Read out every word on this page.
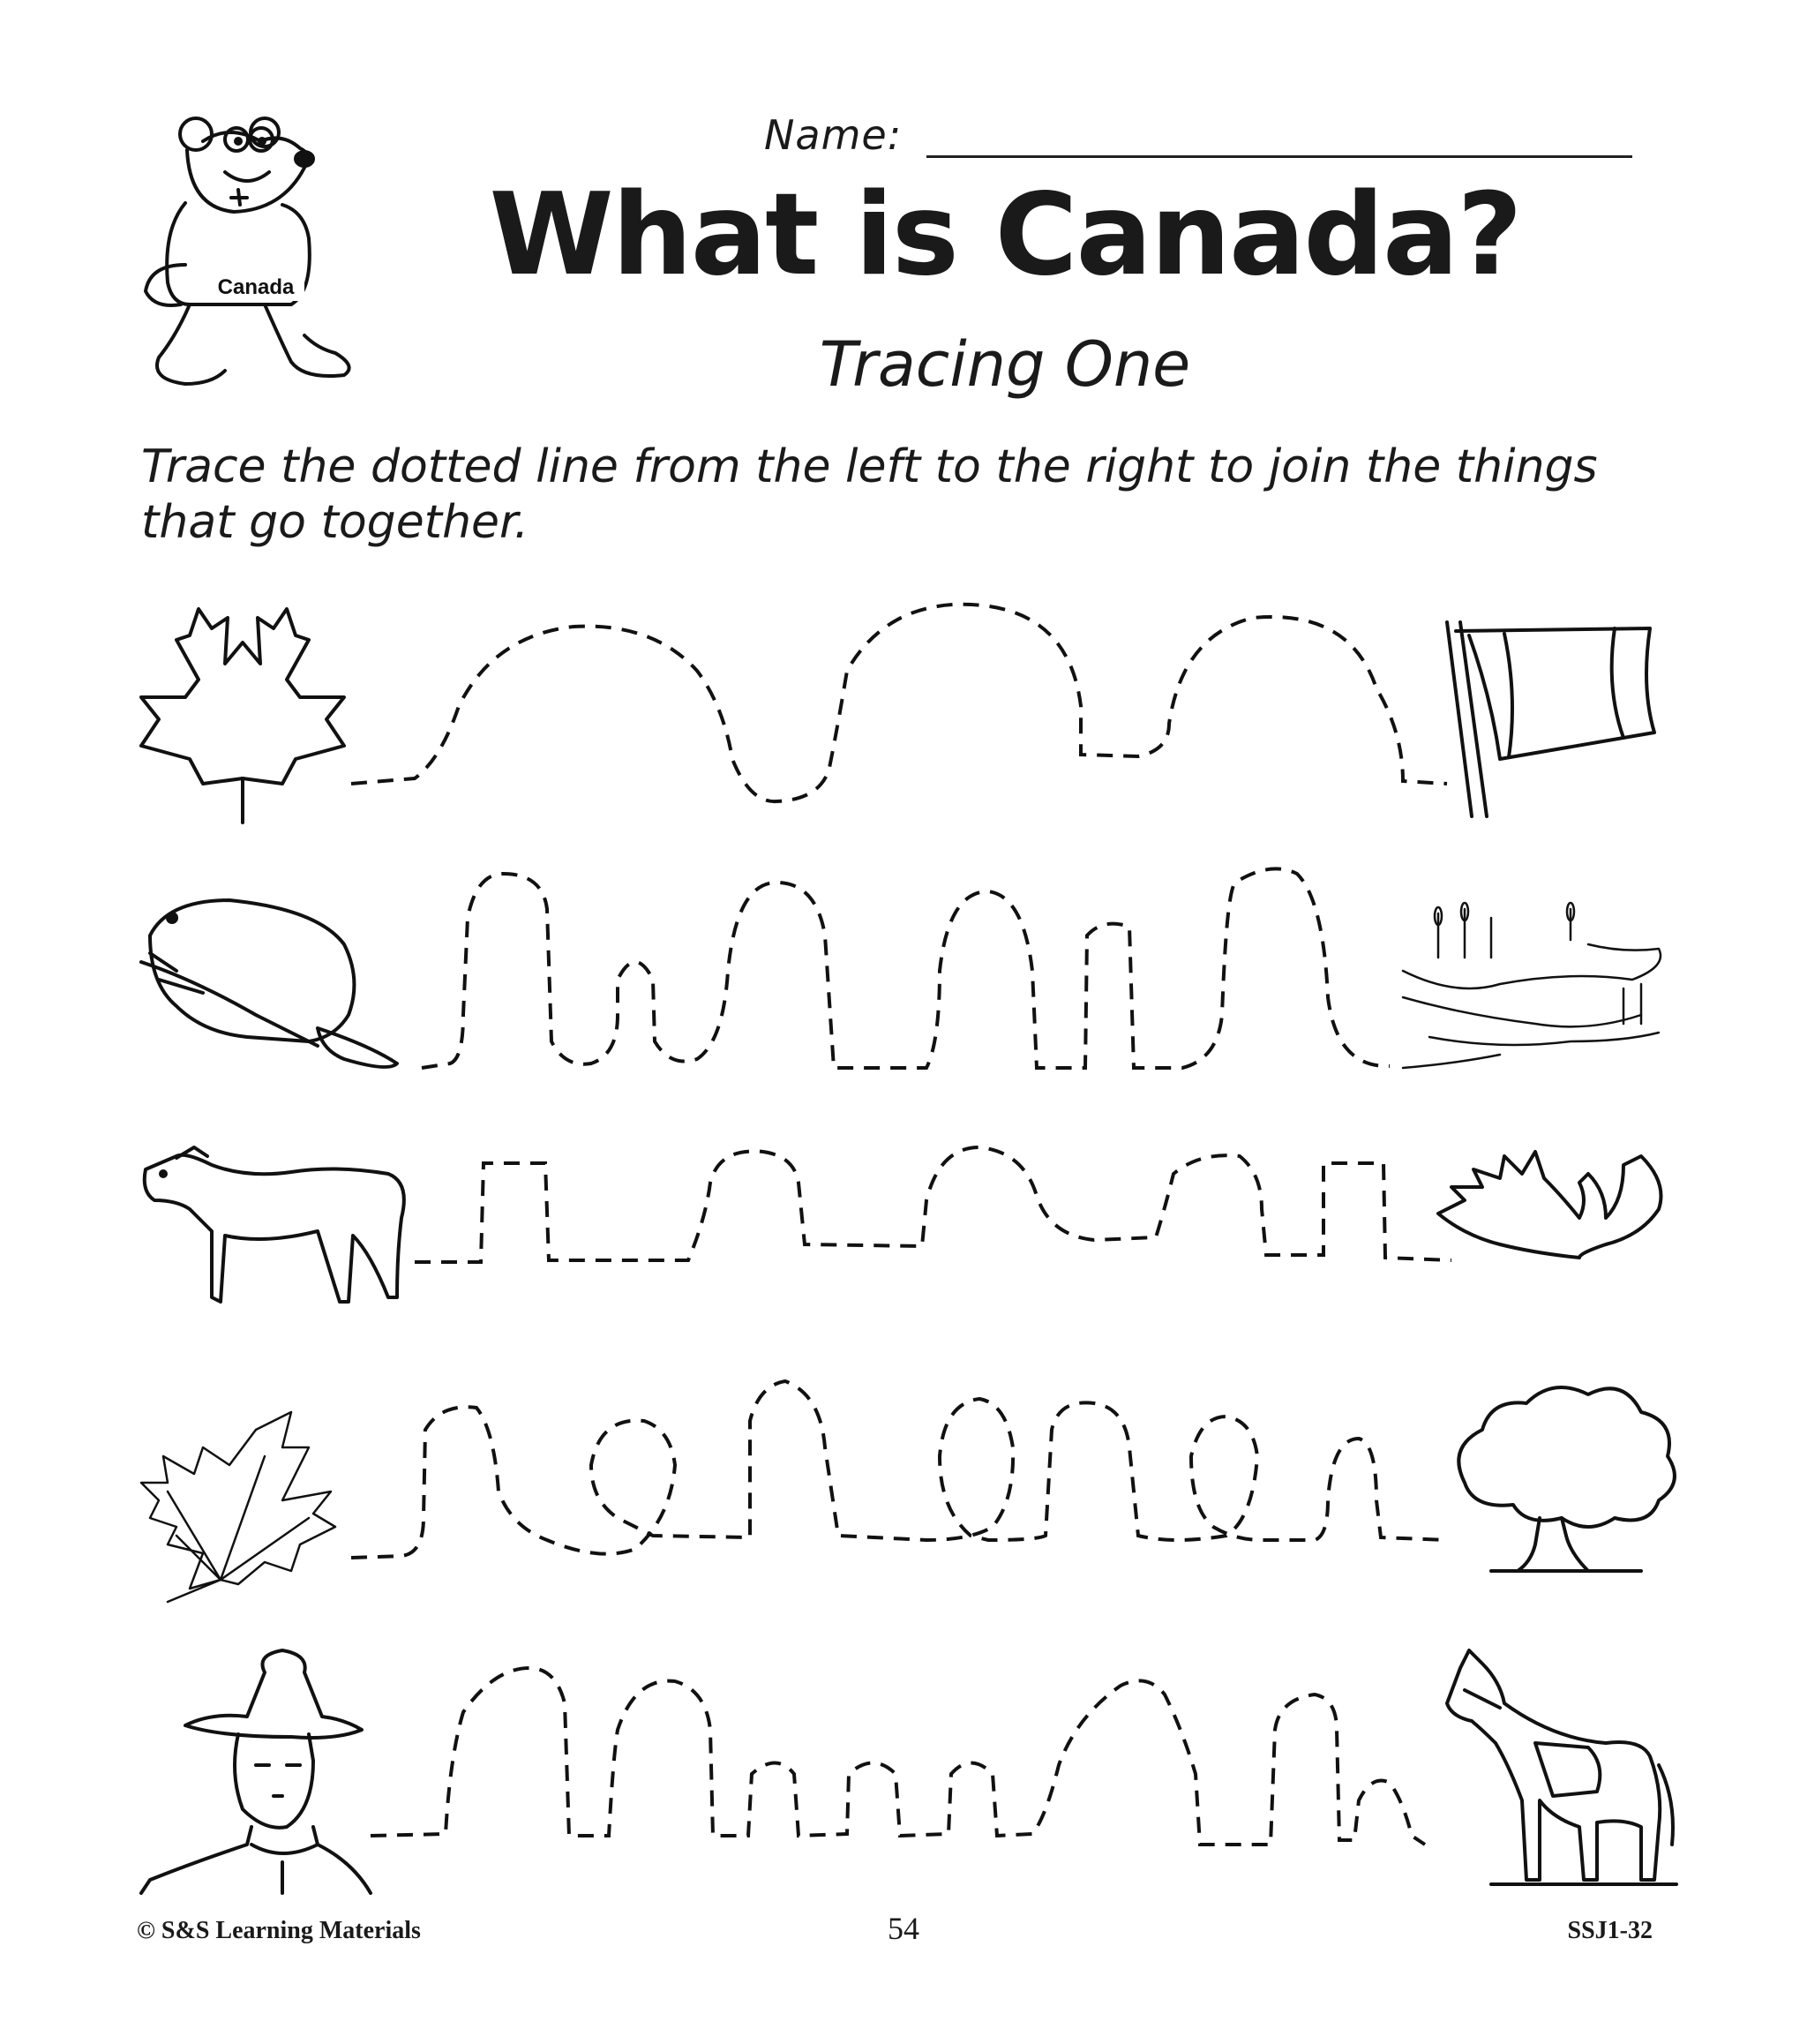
Name:
What is Canada?
Tracing One
Trace the dotted line from the left to the right to join the things that go together.
Canada
© S&S Learning Materials	54	SSJ1-32
